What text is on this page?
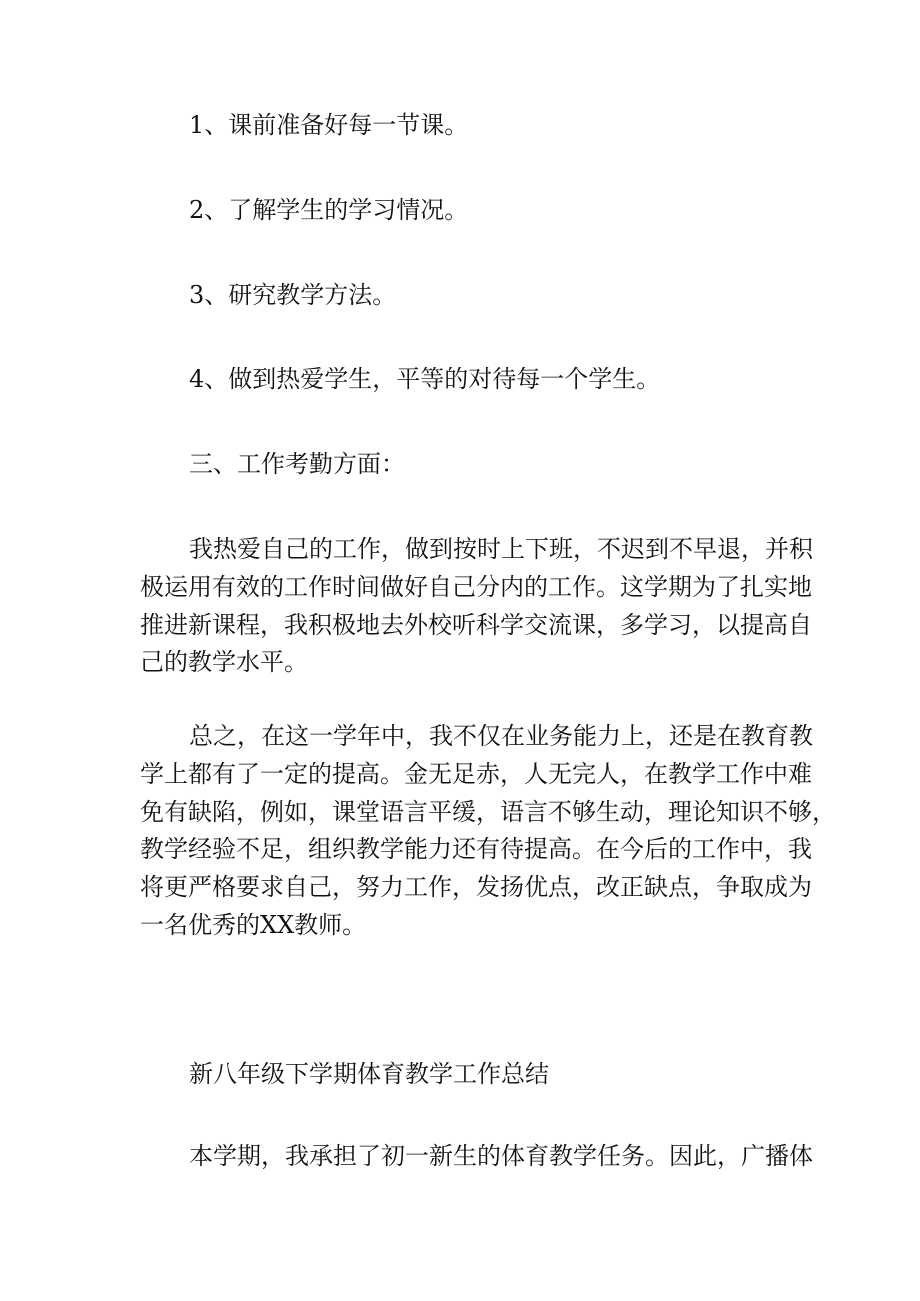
1、课前准备好每一节课。
2、了解学生的学习情况。
3、研究教学方法。
4、做到热爱学生，平等的对待每一个学生。
三、工作考勤方面：
我热爱自己的工作，做到按时上下班，不迟到不早退，并积
极运用有效的工作时间做好自己分内的工作。这学期为了扎实地
推进新课程，我积极地去外校听科学交流课，多学习，以提高自
己的教学水平。
总之，在这一学年中，我不仅在业务能力上，还是在教育教
学上都有了一定的提高。金无足赤，人无完人，在教学工作中难
免有缺陷，例如，课堂语言平缓，语言不够生动，理论知识不够，
教学经验不足，组织教学能力还有待提高。在今后的工作中，我
将更严格要求自己，努力工作，发扬优点，改正缺点，争取成为
一名优秀的XX教师。
新八年级下学期体育教学工作总结
本学期，我承担了初一新生的体育教学任务。因此，广播体
